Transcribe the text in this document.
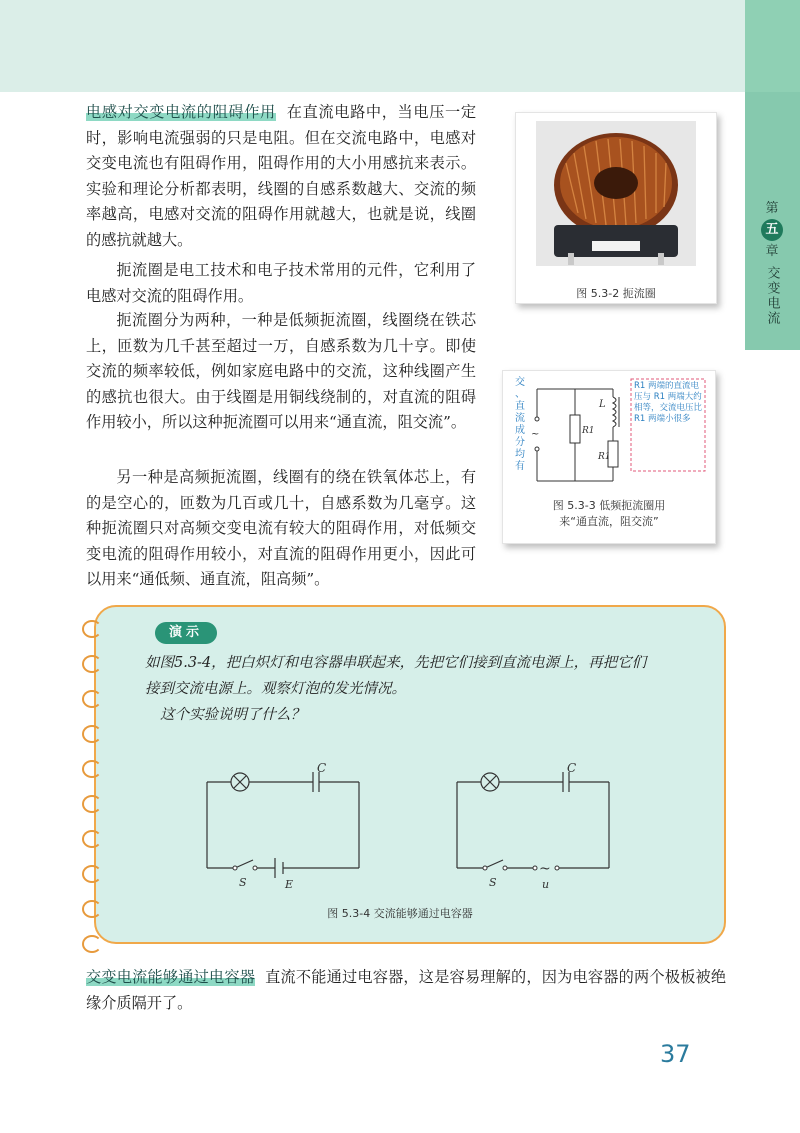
第
五
章
交变电流
电感对交变电流的阻碍作用 在直流电路中，当电压一定时，影响电流强弱的只是电阻。但在交流电路中，电感对交变电流也有阻碍作用，阻碍作用的大小用感抗来表示。实验和理论分析都表明，线圈的自感系数越大、交流的频率越高，电感对交流的阻碍作用就越大，也就是说，线圈的感抗就越大。
扼流圈是电工技术和电子技术常用的元件，它利用了电感对交流的阻碍作用。
扼流圈分为两种，一种是低频扼流圈，线圈绕在铁芯上，匝数为几千甚至超过一万，自感系数为几十亨。即使交流的频率较低，例如家庭电路中的交流，这种线圈产生的感抗也很大。由于线圈是用铜线绕制的，对直流的阻碍作用较小，所以这种扼流圈可以用来“通直流，阻交流”。
另一种是高频扼流圈，线圈有的绕在铁氧体芯上，有的是空心的，匝数为几百或几十，自感系数为几毫亨。这种扼流圈只对高频交变电流有较大的阻碍作用，对低频交变电流的阻碍作用较小，对直流的阻碍作用更小，因此可以用来“通低频、通直流，阻高频”。
图 5.3-2 扼流圈
交、直流成分均有
~
L
R1
R1
R1 两端的直流电压与 R1 两端大约相等，交流电压比 R1 两端小很多
图 5.3-3 低频扼流圈用
来“通直流，阻交流”
演示
如图5.3-4，把白炽灯和电容器串联起来，先把它们接到直流电源上，再把它们
接到交流电源上。观察灯泡的发光情况。
这个实验说明了什么？
C
S	E
~
C
S	u
图 5.3-4 交流能够通过电容器
交变电流能够通过电容器 直流不能通过电容器，这是容易理解的，因为电容器的两个极板被绝缘介质隔开了。
37
